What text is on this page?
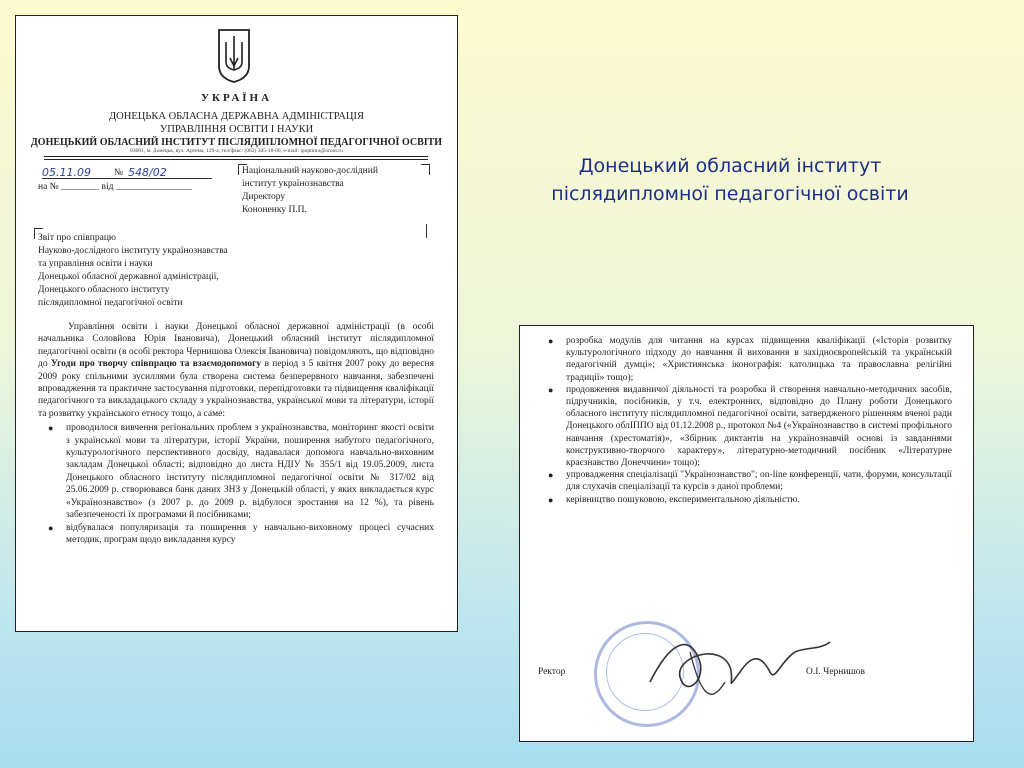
Донецький обласний інститут
післядипломної педагогічної освіти
УКРАЇНА
ДОНЕЦЬКА ОБЛАСНА ДЕРЖАВНА АДМІНІСТРАЦІЯ
УПРАВЛІННЯ ОСВІТИ І НАУКИ
ДОНЕЦЬКИЙ ОБЛАСНИЙ ІНСТИТУТ ПІСЛЯДИПЛОМНОЇ ПЕДАГОГІЧНОЇ ОСВІТИ
83001, м. Донецьк, вул. Артема, 129-а, тел/факс: (062) 305-18-86, e-mail: ipoptimo@oroot.ru
05.11.09 № 548/02
на № ________ від ________________
Національний науково-дослідний
інститут українознавства
Директору
Кононенку П.П.
Звіт про співпрацю
Науково-дослідного інституту українознавства
та управління освіти і науки
Донецької обласної державної адміністрації,
Донецького обласного інституту
післядипломної педагогічної освіти

Управління освіти і науки Донецької обласної державної адміністрації (в особі начальника Соловйова Юрія Івановича), Донецький обласний інститут післядипломної педагогічної освіти (в особі ректора Чернишова Олексія Івановича) повідомляють, що відповідно до Угоди про творчу співпрацю та взаємодопомогу в період з 5 квітня 2007 року до вересня 2009 року спільними зусиллями була створена система безперервного навчання, забезпечені впровадження та практичне застосування підготовки, перепідготовки та підвищення кваліфікації педагогічного та викладацького складу з українознавства, української мови та літератури, історії та розвитку українського етносу тощо, а саме:

● проводилося вивчення регіональних проблем з українознавства, моніторинг якості освіти з української мови та літератури, історії України, поширення набутого педагогічного, культурологічного перспективного досвіду, надавалася допомога навчально-виховним закладам Донецької області; відповідно до листа НДІУ № 355/1 від 19.05.2009, листа Донецького обласного інституту післядипломної педагогічної освіти № 317/02 від 25.06.2009 р. створювався банк даних ЗНЗ у Донецькій області, у яких викладається курс «Українознавство» (з 2007 р. до 2009 р. відбулося зростання на 12 %), та рівень забезпеченості їх програмами й посібниками;
● відбувалася популяризація та поширення у навчально-виховному процесі сучасних методик, програм щодо викладання курсу
● розробка модулів для читання на курсах підвищення кваліфікації («Історія розвитку культурологічного підходу до навчання й виховання в західноєвропейській та українській педагогічній думці»; «Християнська іконографія: католицька та православна релігійні традиції» тощо);
● продовження видавничої діяльності та розробка й створення навчально-методичних засобів, підручників, посібників, у т.ч. електронних, відповідно до Плану роботи Донецького обласного інституту післядипломної педагогічної освіти, затвердженого рішенням вченої ради Донецького облІППО від 01.12.2008 р., протокол №4 («Українознавство в системі профільного навчання (хрестоматія)», «Збірник диктантів на українознавчій основі із завданнями конструктивно-творчого характеру», літературно-методичний посібник «Літературне краєзнавство Донеччини» тощо);
● упровадження спеціалізації "Українознавство"; on-line конференції, чати, форуми, консультації для слухачів спеціалізації та курсів з даної проблеми;
● керівництво пошуковою, експериментальною діяльністю.
Ректор	О.І. Чернишов
